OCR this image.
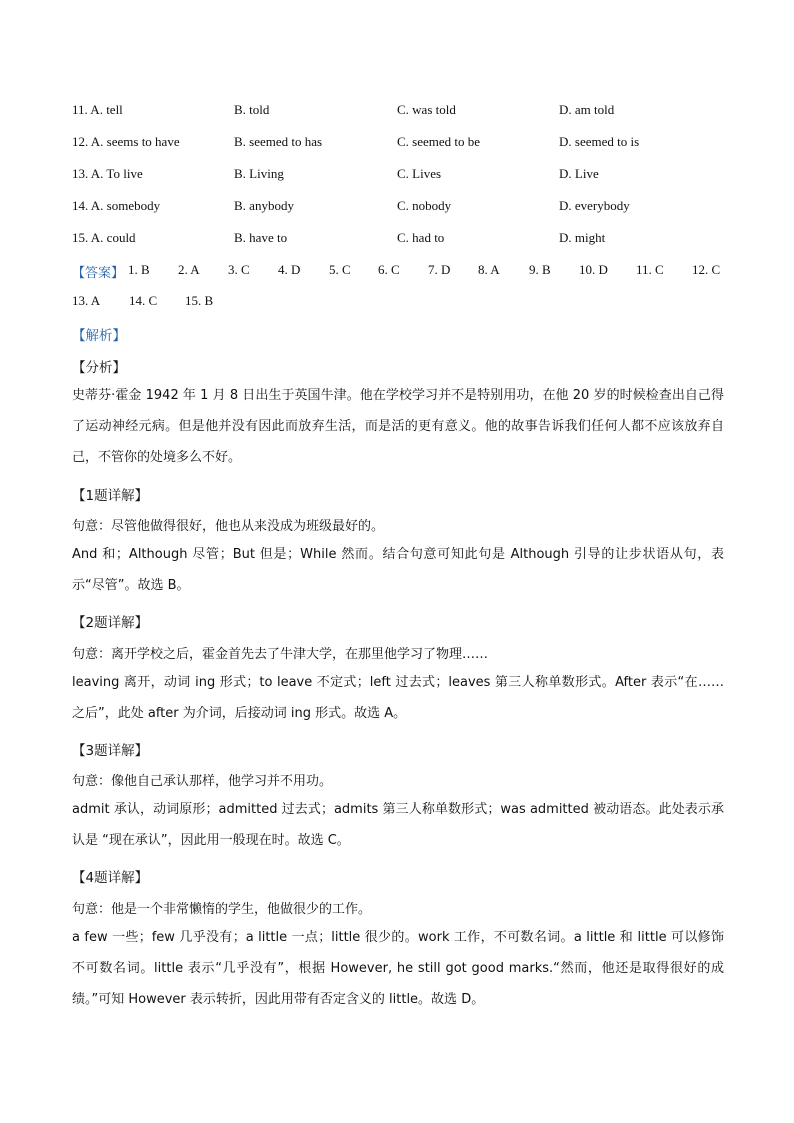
11. A. tell	B. told	C. was told	D. am told
12. A. seems to have	B. seemed to has	C. seemed to be	D. seemed to is
13. A. To live	B. Living	C. Lives	D. Live
14. A. somebody	B. anybody	C. nobody	D. everybody
15. A. could	B. have to	C. had to	D. might
【答案】 1. B 2. A 3. C 4. D 5. C 6. C 7. D 8. A 9. B 10. D 11. C 12. C
13. A 14. C 15. B
【解析】
【分析】
史蒂芬·霍金 1942 年 1 月 8 日出生于英国牛津。他在学校学习并不是特别用功，在他 20 岁的时候检查出自己得了运动神经元病。但是他并没有因此而放弃生活，而是活的更有意义。他的故事告诉我们任何人都不应该放弃自己，不管你的处境多么不好。
【1题详解】
句意：尽管他做得很好，他也从来没成为班级最好的。
And 和；Although 尽管；But 但是；While 然而。结合句意可知此句是 Although 引导的让步状语从句，表示“尽管”。故选 B。
【2题详解】
句意：离开学校之后，霍金首先去了牛津大学，在那里他学习了物理……
leaving 离开，动词 ing 形式；to leave 不定式；left 过去式；leaves 第三人称单数形式。After 表示“在……之后”，此处 after 为介词，后接动词 ing 形式。故选 A。
【3题详解】
句意：像他自己承认那样，他学习并不用功。
admit 承认，动词原形；admitted 过去式；admits 第三人称单数形式；was admitted 被动语态。此处表示承认是 “现在承认”，因此用一般现在时。故选 C。
【4题详解】
句意：他是一个非常懒惰的学生，他做很少的工作。
a few 一些；few 几乎没有；a little 一点；little 很少的。work 工作，不可数名词。a little 和 little 可以修饰不可数名词。little 表示“几乎没有”，根据 However, he still got good marks.“然而，他还是取得很好的成绩。”可知 However 表示转折，因此用带有否定含义的 little。故选 D。
